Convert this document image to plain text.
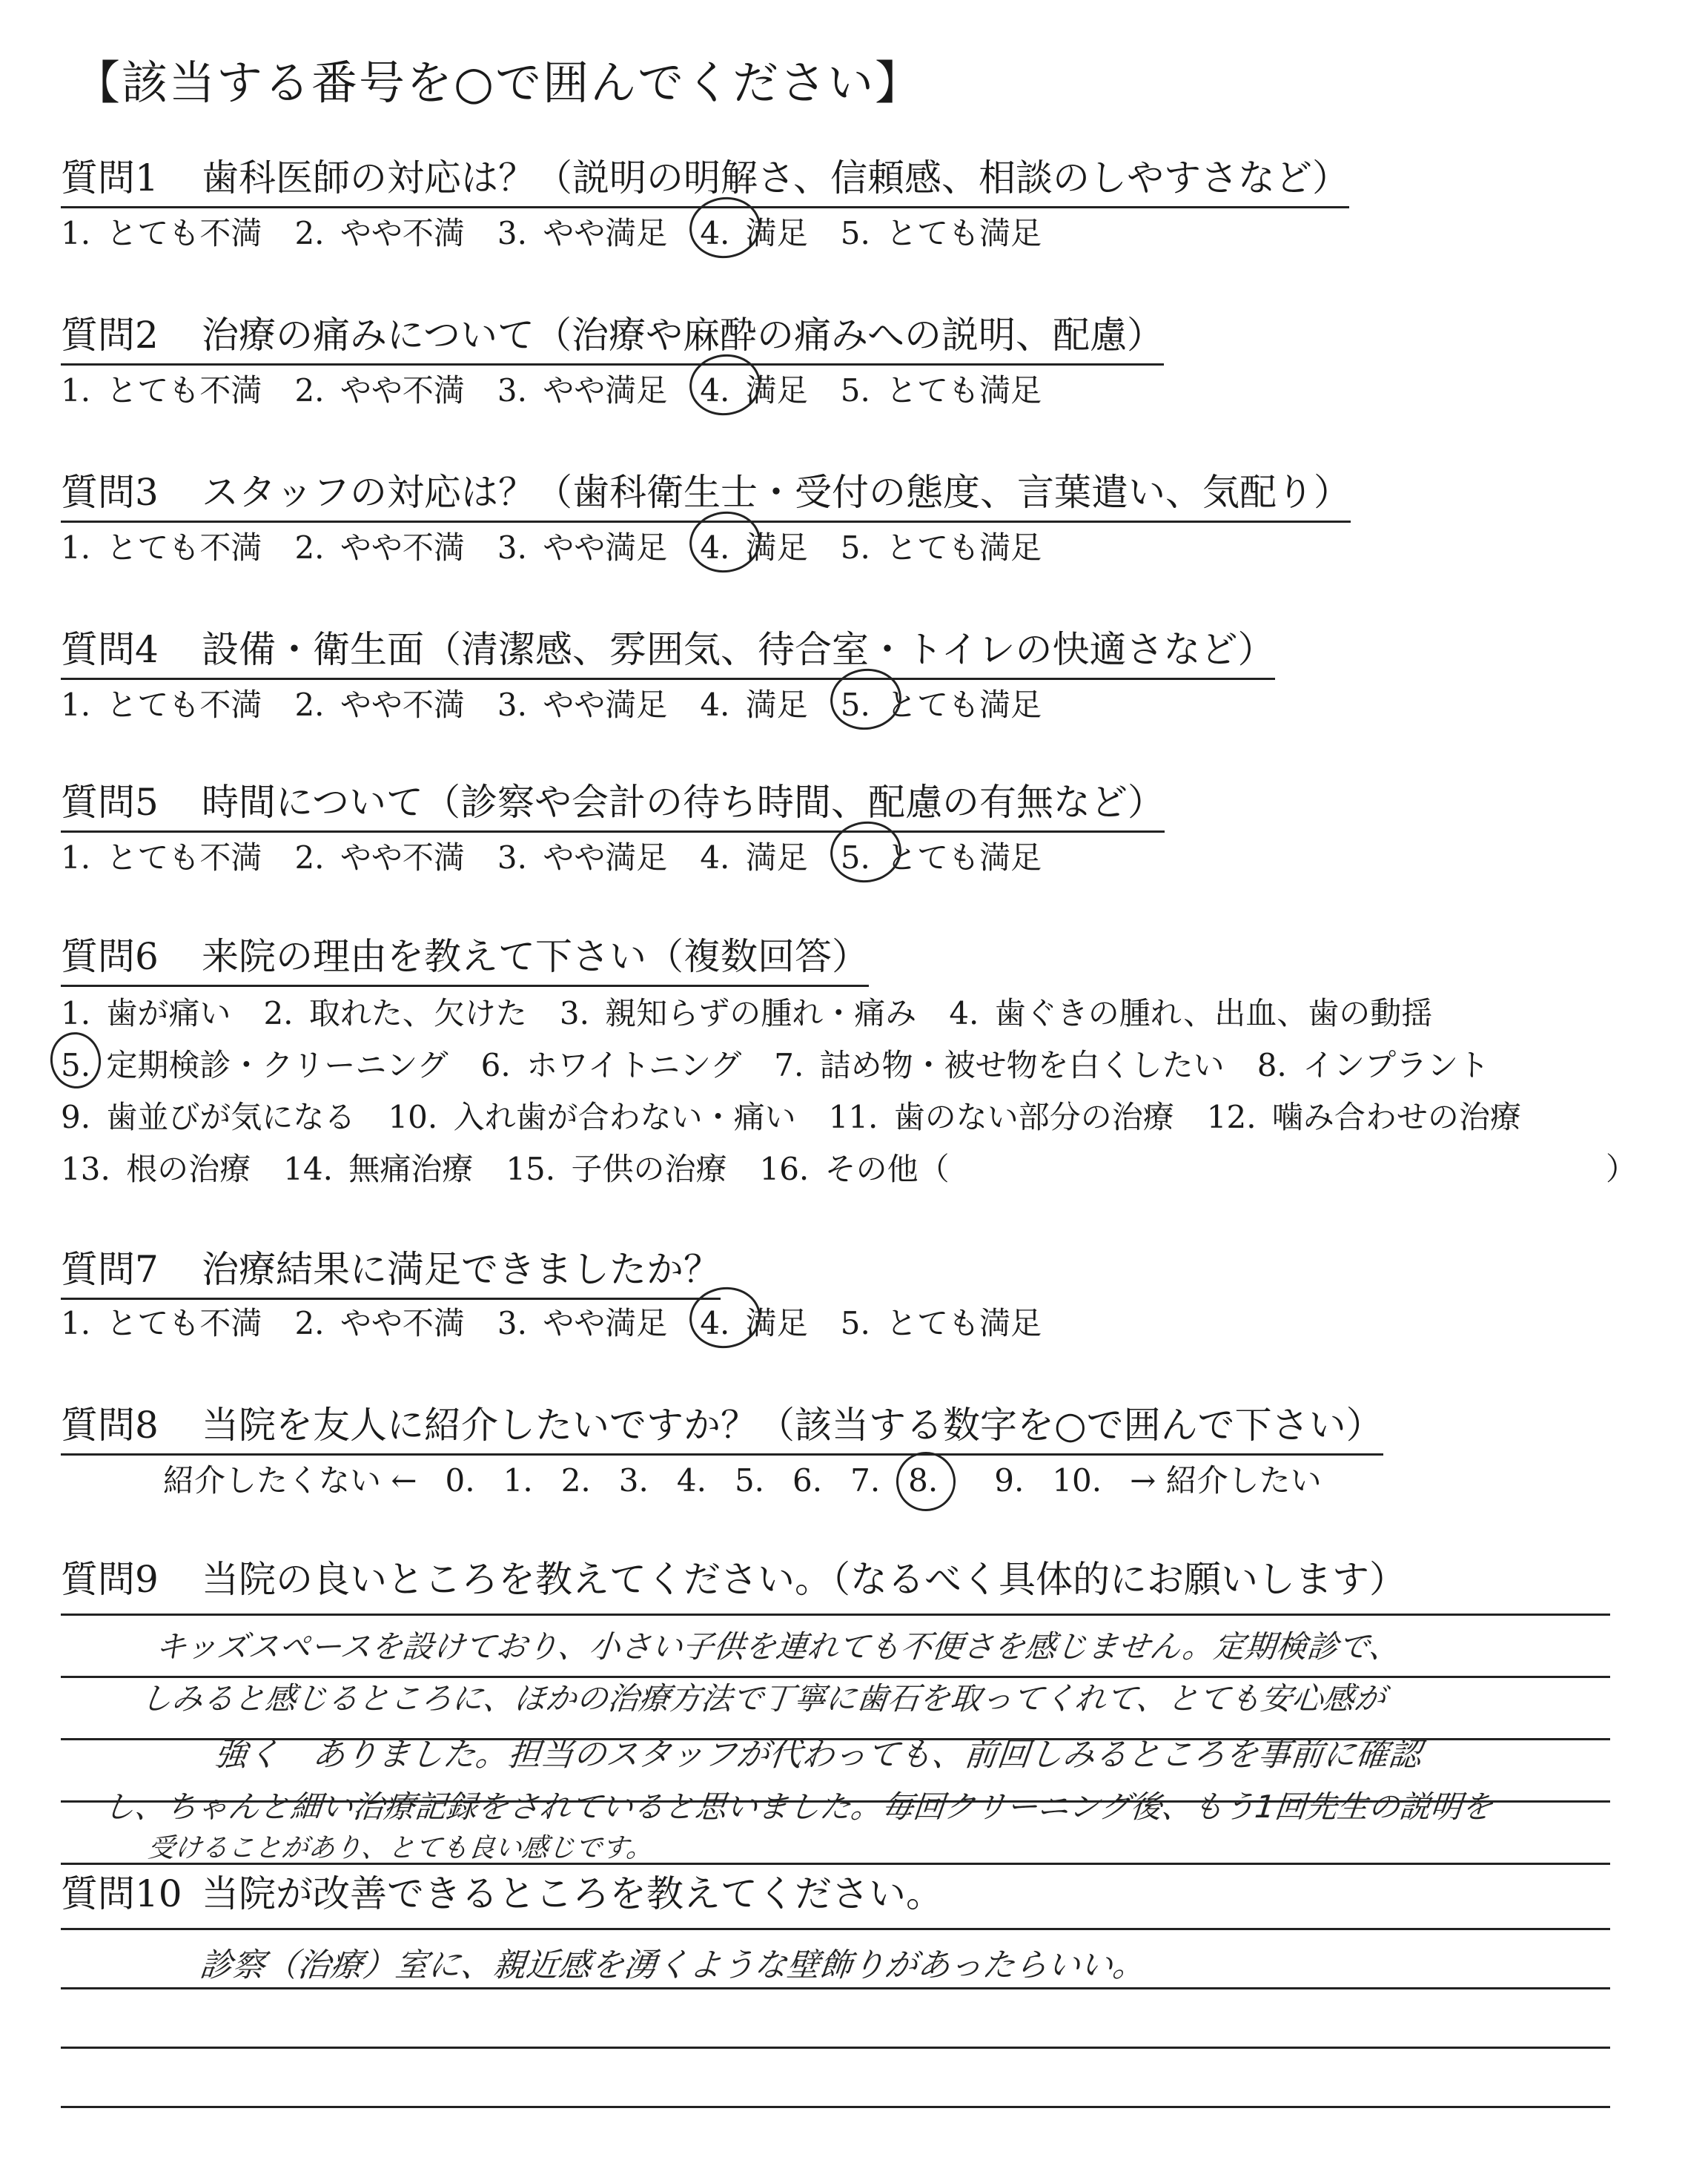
【該当する番号を○で囲んでください】
質問1 歯科医師の対応は？（説明の明解さ、信頼感、相談のしやすさなど）
1. とても不満 2. やや不満 3. やや満足 4. 満足 5. とても満足
質問2 治療の痛みについて（治療や麻酔の痛みへの説明、配慮）
1. とても不満 2. やや不満 3. やや満足 4. 満足 5. とても満足
質問3 スタッフの対応は？（歯科衛生士・受付の態度、言葉遣い、気配り）
1. とても不満 2. やや不満 3. やや満足 4. 満足 5. とても満足
質問4 設備・衛生面（清潔感、雰囲気、待合室・トイレの快適さなど）
1. とても不満 2. やや不満 3. やや満足 4. 満足 5. とても満足
質問5 時間について（診察や会計の待ち時間、配慮の有無など）
1. とても不満 2. やや不満 3. やや満足 4. 満足 5. とても満足
質問6 来院の理由を教えて下さい（複数回答）
1. 歯が痛い 2. 取れた、欠けた 3. 親知らずの腫れ・痛み 4. 歯ぐきの腫れ、出血、歯の動揺
5. 定期検診・クリーニング 6. ホワイトニング 7. 詰め物・被せ物を白くしたい 8. インプラント
9. 歯並びが気になる 10. 入れ歯が合わない・痛い 11. 歯のない部分の治療 12. 噛み合わせの治療
13. 根の治療 14. 無痛治療 15. 子供の治療 16. その他（	）
質問7 治療結果に満足できましたか？
1. とても不満 2. やや不満 3. やや満足 4. 満足 5. とても満足
質問8 当院を友人に紹介したいですか？（該当する数字を○で囲んで下さい）
紹介したくない ← 0. 1. 2. 3. 4. 5. 6. 7. 8. 9. 10. → 紹介したい
質問9 当院の良いところを教えてください。（なるべく具体的にお願いします）
キッズスペースを設けており、小さい子供を連れても不便さを感じません。定期検診で、
しみると感じるところに、ほかの治療方法で丁寧に歯石を取ってくれて、とても安心感が
強く　ありました。担当のスタッフが代わっても、前回しみるところを事前に確認
し、ちゃんと細い治療記録をされていると思いました。毎回クリーニング後、もう1回先生の説明を
受けることがあり、とても良い感じです。
質問10 当院が改善できるところを教えてください。
診察（治療）室に、親近感を湧くような壁飾りがあったらいい。
